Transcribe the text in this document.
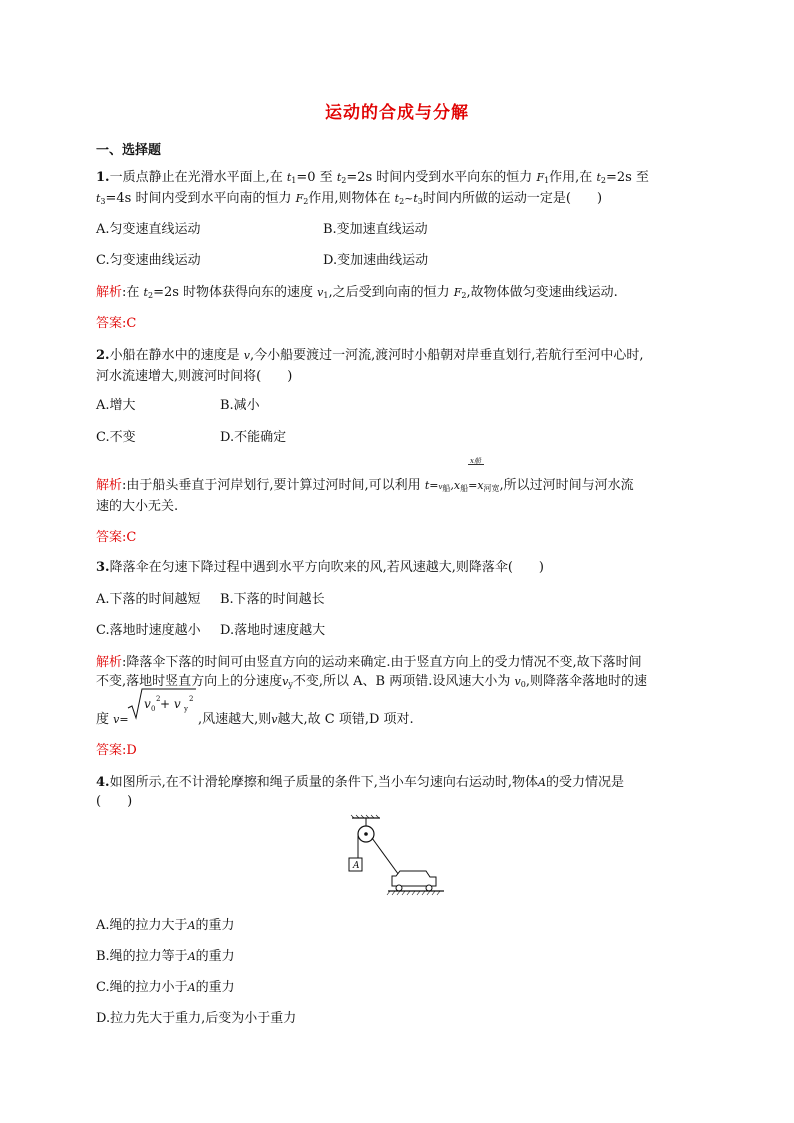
运动的合成与分解
一、选择题
1.一质点静止在光滑水平面上,在 $t_1=0$ 至 $t_2=2s$ 时间内受到水平向东的恒力 $F_1$作用,在 $t_2=2s$ 至
$t_3=4s$ 时间内受到水平向南的恒力 $F_2$作用,则物体在 $t_2\sim t_3$时间内所做的运动一定是(　　)
A.匀变速直线运动	B.变加速直线运动
C.匀变速曲线运动	D.变加速曲线运动
解析:在 $t_2=2s$ 时物体获得向东的速度 $v_1$,之后受到向南的恒力 $F_2$,故物体做匀变速曲线运动.
答案:C
2.小船在静水中的速度是 v,今小船要渡过一河流,渡河时小船朝对岸垂直划行,若航行至河中心时,
河水流速增大,则渡河时间将(　　)
A.增大	B.减小
C.不变	D.不能确定
x船
解析:由于船头垂直于河岸划行,要计算过河时间,可以利用 $t=v_船,x_船=x_{河宽}$,所以过河时间与河水流
速的大小无关.
答案:C
3.降落伞在匀速下降过程中遇到水平方向吹来的风,若风速越大,则降落伞(　　)
A.下落的时间越短 B.下落的时间越长
C.落地时速度越小 D.落地时速度越大
解析:降落伞下落的时间可由竖直方向的运动来确定.由于竖直方向上的受力情况不变,故下落时间
不变,落地时竖直方向上的分速度$v_y$不变,所以 A、B 两项错.设风速大小为 $v_0$,则降落伞落地时的速
度 v=
v 0
2 + v y
2
,风速越大,则v越大,故 C 项错,D 项对.
答案:D
4.如图所示,在不计滑轮摩擦和绳子质量的条件下,当小车匀速向右运动时,物体A的受力情况是
(　　)
A
A.绳的拉力大于A的重力
B.绳的拉力等于A的重力
C.绳的拉力小于A的重力
D.拉力先大于重力,后变为小于重力
